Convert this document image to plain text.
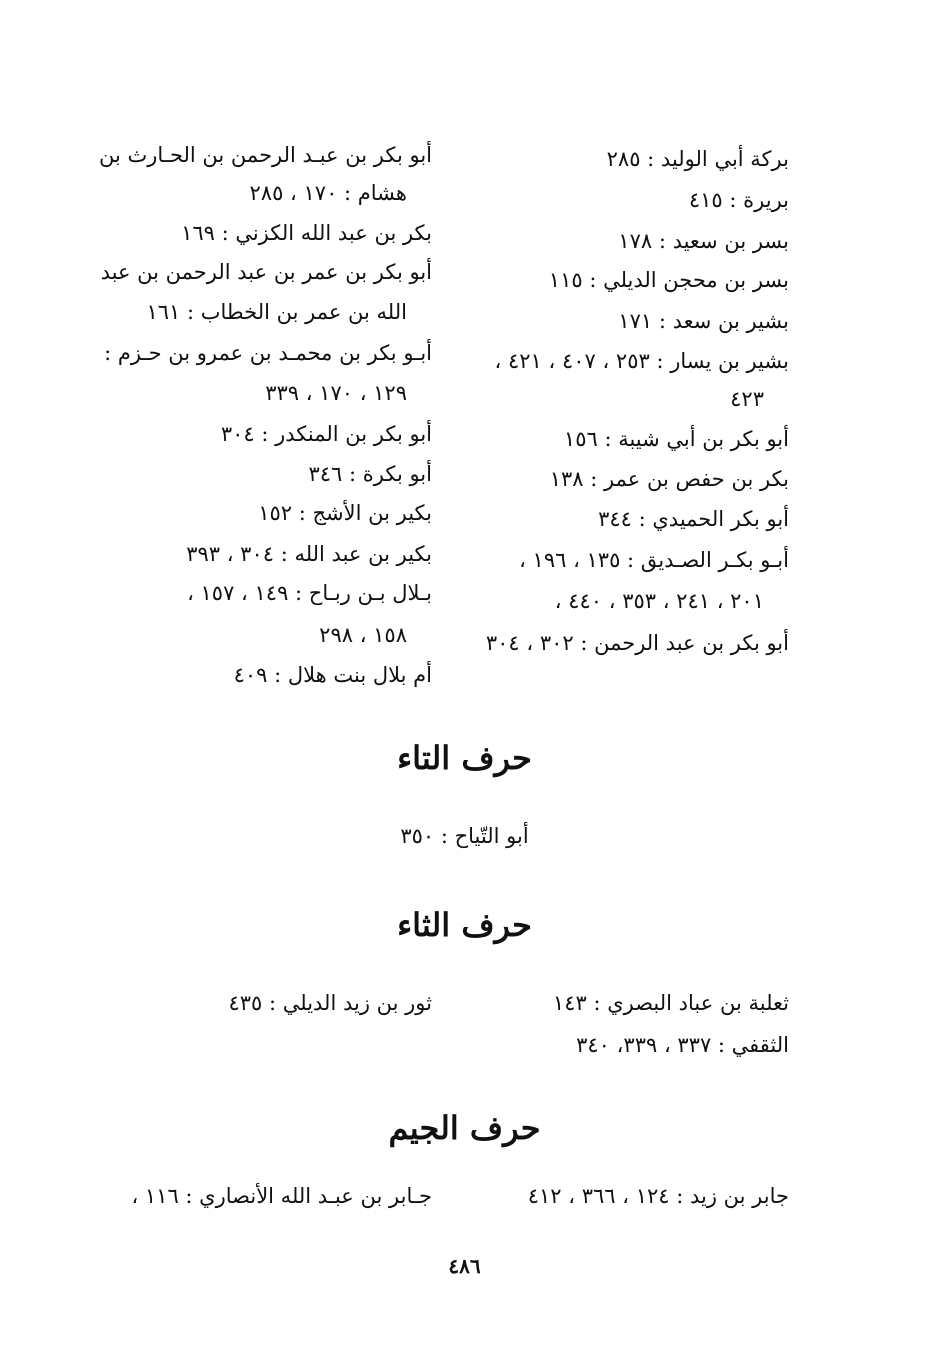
بركة أبي الوليد : ٢٨٥
بريرة : ٤١٥
بسر بن سعيد : ١٧٨
بسر بن محجن الديلي : ١١٥
بشير بن سعد : ١٧١
بشير بن يسار : ٢٥٣ ، ٤٠٧ ، ٤٢١ ،
٤٢٣
أبو بكر بن أبي شيبة : ١٥٦
بكر بن حفص بن عمر : ١٣٨
أبو بكر الحميدي : ٣٤٤
أبـو بكـر الصـديق : ١٣٥ ، ١٩٦ ،
٢٠١ ، ٢٤١ ، ٣٥٣ ، ٤٤٠ ،
أبو بكر بن عبد الرحمن : ٣٠٢ ، ٣٠٤
أبو بكر بن عبـد الرحمن بن الحـارث بن
هشام : ١٧٠ ، ٢٨٥
بكر بن عبد الله الكزني : ١٦٩
أبو بكر بن عمر بن عبد الرحمن بن عبد
الله بن عمر بن الخطاب : ١٦١
أبـو بكر بن محمـد بن عمرو بن حـزم :
١٢٩ ، ١٧٠ ، ٣٣٩
أبو بكر بن المنكدر : ٣٠٤
أبو بكرة : ٣٤٦
بكير بن الأشج : ١٥٢
بكير بن عبد الله : ٣٠٤ ، ٣٩٣
بـلال بـن ربـاح : ١٤٩ ، ١٥٧ ،
١٥٨ ، ٢٩٨
أم بلال بنت هلال : ٤٠٩
حرف التاء
أبو التّياح : ٣٥٠
حرف الثاء
ثعلبة بن عباد البصري : ١٤٣
الثقفي : ٣٣٧ ، ٣٣٩، ٣٤٠
ثور بن زيد الديلي : ٤٣٥
حرف الجيم
جابر بن زيد : ١٢٤ ، ٣٦٦ ، ٤١٢
جـابر بن عبـد الله الأنصاري : ١١٦ ،
٤٨٦
